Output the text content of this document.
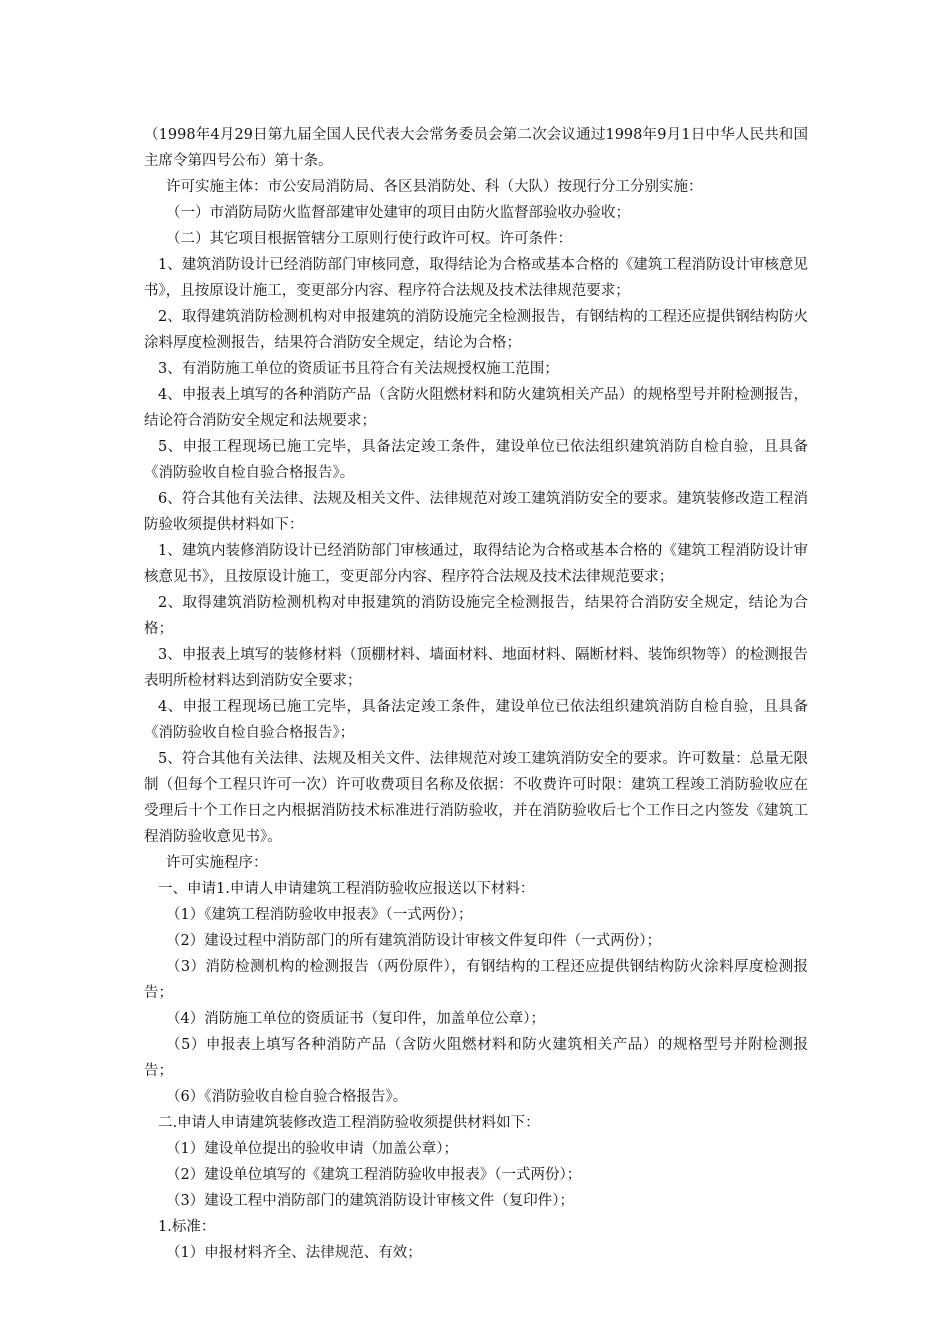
（1998年4月29日第九届全国人民代表大会常务委员会第二次会议通过1998年9月1日中华人民共和国主席令第四号公布）第十条。

许可实施主体：市公安局消防局、各区县消防处、科（大队）按现行分工分别实施：

（一）市消防局防火监督部建审处建审的项目由防火监督部验收办验收；

（二）其它项目根据管辖分工原则行使行政许可权。许可条件：

1、建筑消防设计已经消防部门审核同意，取得结论为合格或基本合格的《建筑工程消防设计审核意见书》，且按原设计施工，变更部分内容、程序符合法规及技术法律规范要求；

2、取得建筑消防检测机构对申报建筑的消防设施完全检测报告，有钢结构的工程还应提供钢结构防火涂料厚度检测报告，结果符合消防安全规定，结论为合格；

3、有消防施工单位的资质证书且符合有关法规授权施工范围；

4、申报表上填写的各种消防产品（含防火阻燃材料和防火建筑相关产品）的规格型号并附检测报告，结论符合消防安全规定和法规要求；

5、申报工程现场已施工完毕，具备法定竣工条件，建设单位已依法组织建筑消防自检自验，且具备《消防验收自检自验合格报告》。

6、符合其他有关法律、法规及相关文件、法律规范对竣工建筑消防安全的要求。建筑装修改造工程消防验收须提供材料如下：

1、建筑内装修消防设计已经消防部门审核通过，取得结论为合格或基本合格的《建筑工程消防设计审核意见书》，且按原设计施工，变更部分内容、程序符合法规及技术法律规范要求；

2、取得建筑消防检测机构对申报建筑的消防设施完全检测报告，结果符合消防安全规定，结论为合格；

3、申报表上填写的装修材料（顶棚材料、墙面材料、地面材料、隔断材料、装饰织物等）的检测报告表明所检材料达到消防安全要求；

4、申报工程现场已施工完毕，具备法定竣工条件，建设单位已依法组织建筑消防自检自验，且具备《消防验收自检自验合格报告》；

5、符合其他有关法律、法规及相关文件、法律规范对竣工建筑消防安全的要求。许可数量：总量无限制（但每个工程只许可一次）许可收费项目名称及依据：不收费许可时限：建筑工程竣工消防验收应在受理后十个工作日之内根据消防技术标准进行消防验收，并在消防验收后七个工作日之内签发《建筑工程消防验收意见书》。

许可实施程序：

一、申请1.申请人申请建筑工程消防验收应报送以下材料：

（1）《建筑工程消防验收申报表》（一式两份）；

（2）建设过程中消防部门的所有建筑消防设计审核文件复印件（一式两份）；

（3）消防检测机构的检测报告（两份原件），有钢结构的工程还应提供钢结构防火涂料厚度检测报告；

（4）消防施工单位的资质证书（复印件，加盖单位公章）；

（5）申报表上填写各种消防产品（含防火阻燃材料和防火建筑相关产品）的规格型号并附检测报告；

（6）《消防验收自检自验合格报告》。

二.申请人申请建筑装修改造工程消防验收须提供材料如下：

（1）建设单位提出的验收申请（加盖公章）；

（2）建设单位填写的《建筑工程消防验收申报表》（一式两份）；

（3）建设工程中消防部门的建筑消防设计审核文件（复印件）；

1.标准：

（1）申报材料齐全、法律规范、有效；
